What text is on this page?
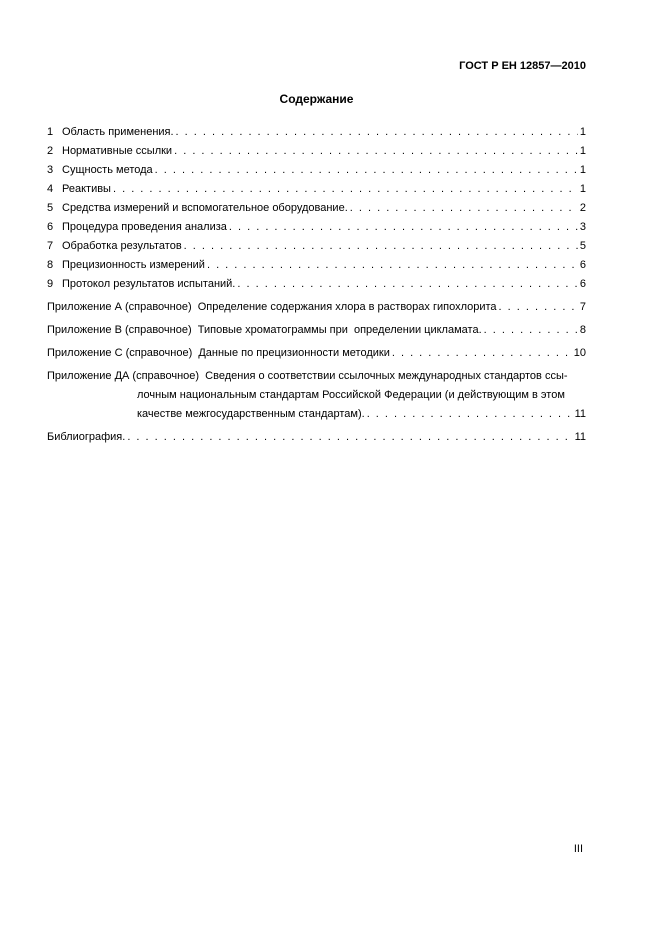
ГОСТ Р ЕН 12857—2010
Содержание
1 Область применения. . . .	1
2 Нормативные ссылки . . .	1
3 Сущность метода . . .	1
4 Реактивы . . .	1
5 Средства измерений и вспомогательное оборудование. . . .	2
6 Процедура проведения анализа . . .	3
7 Обработка результатов . . .	5
8 Прецизионность измерений . . .	6
9 Протокол результатов испытаний. . . .	6
Приложение А (справочное)  Определение содержания хлора в растворах гипохлорита . . .	7
Приложение В (справочное)  Типовые хроматограммы при  определении цикламата. . . .	8
Приложение С (справочное)  Данные по прецизионности методики . . .	10
Приложение ДА (справочное)  Сведения о соответствии ссылочных международных стандартов ссы-
лочным национальным стандартам Российской Федерации (и действующим в этом
качестве межгосударственным стандартам). . . .	11
Библиография. . . .	11
III
